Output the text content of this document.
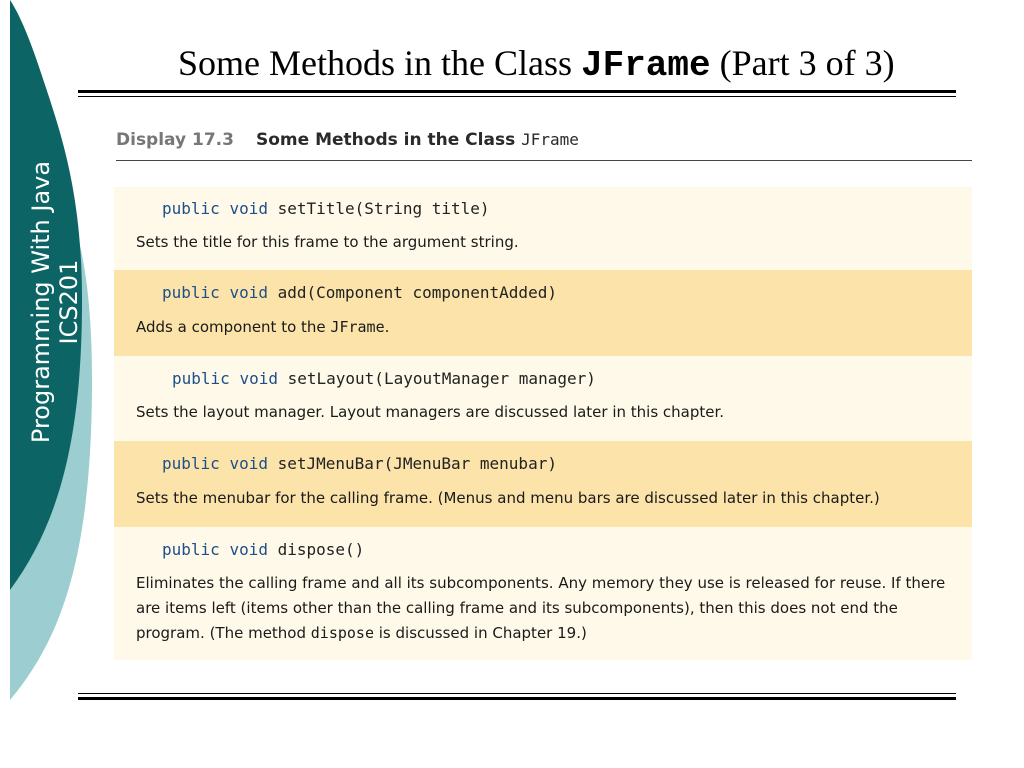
Programming With Java ICS201
Some Methods in the Class JFrame (Part 3 of 3)
Display 17.3 Some Methods in the Class JFrame
public void setTitle(String title)
Sets the title for this frame to the argument string.
public void add(Component componentAdded)
Adds a component to the JFrame.
public void setLayout(LayoutManager manager)
Sets the layout manager. Layout managers are discussed later in this chapter.
public void setJMenuBar(JMenuBar menubar)
Sets the menubar for the calling frame. (Menus and menu bars are discussed later in this chapter.)
public void dispose()
Eliminates the calling frame and all its subcomponents. Any memory they use is released for reuse. If there are items left (items other than the calling frame and its subcomponents), then this does not end the program. (The method dispose is discussed in Chapter 19.)
